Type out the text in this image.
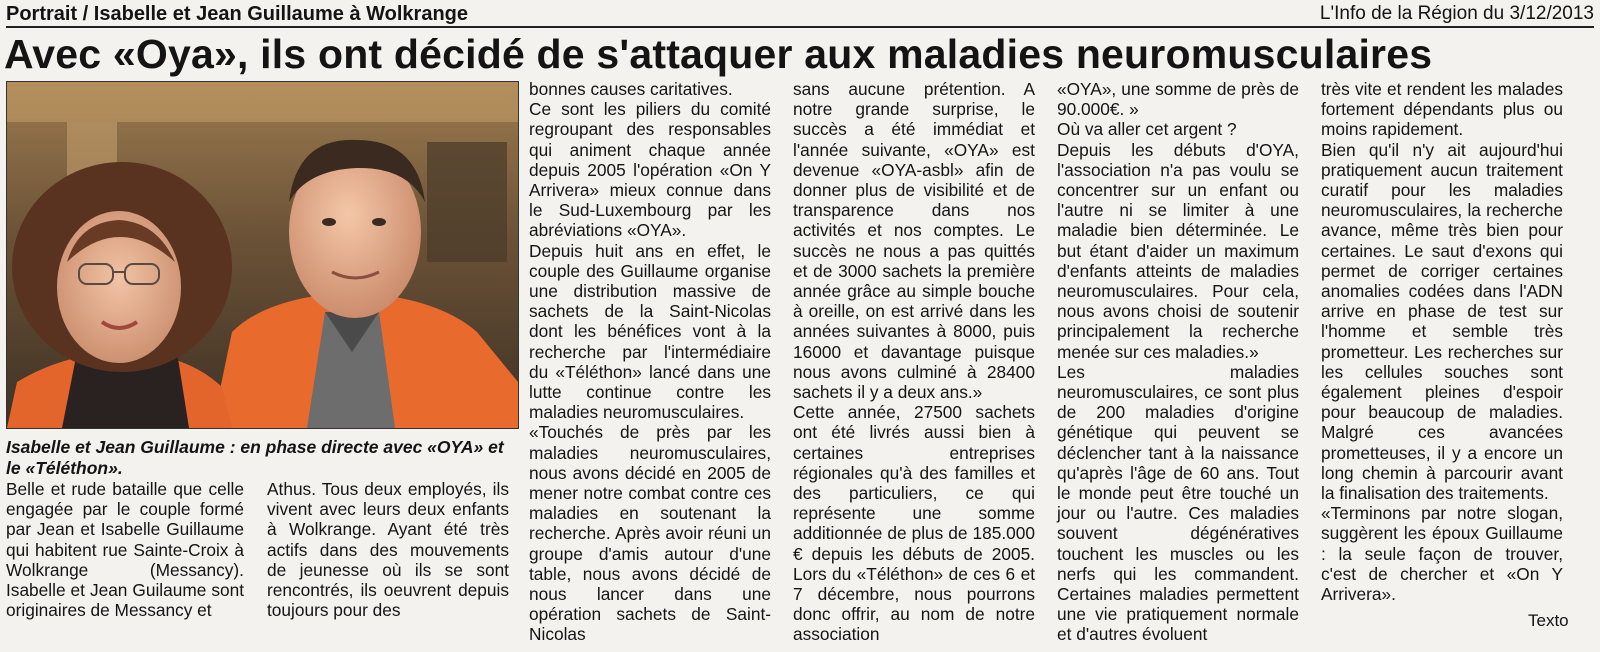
Portrait / Isabelle et Jean Guillaume à Wolkrange	L'Info de la Région du 3/12/2013
Avec «Oya», ils ont décidé de s'attaquer aux maladies neuromusculaires
Isabelle et Jean Guillaume : en phase directe avec «OYA» et le «Téléthon».

Belle et rude bataille que celle engagée par le couple formé par Jean et Isabelle Guillaume qui habitent rue Sainte-Croix à Wolkrange (Messancy). Isabelle et Jean Guilaume sont originaires de Messancy et

Athus. Tous deux employés, ils vivent avec leurs deux enfants à Wolkrange. Ayant été très actifs dans des mouvements de jeunesse où ils se sont rencontrés, ils oeuvrent depuis toujours pour des

bonnes causes caritatives.

Ce sont les piliers du comité regroupant des responsables qui animent chaque année depuis 2005 l'opération «On Y Arrivera» mieux connue dans le Sud-Luxembourg par les abréviations «OYA».

Depuis huit ans en effet, le couple des Guillaume organise une distribution massive de sachets de la Saint-Nicolas dont les bénéfices vont à la recherche par l'intermédiaire du «Téléthon» lancé dans une lutte continue contre les maladies neuromusculaires.

«Touchés de près par les maladies neuromusculaires, nous avons décidé en 2005 de mener notre combat contre ces maladies en soutenant la recherche. Après avoir réuni un groupe d'amis autour d'une table, nous avons décidé de nous lancer dans une opération sachets de Saint-Nicolas

sans aucune prétention. A notre grande surprise, le succès a été immédiat et l'année suivante, «OYA» est devenue «OYA-asbl» afin de donner plus de visibilité et de transparence dans nos activités et nos comptes. Le succès ne nous a pas quittés et de 3000 sachets la première année grâce au simple bouche à oreille, on est arrivé dans les années suivantes à 8000, puis 16000 et davantage puisque nous avons culminé à 28400 sachets il y a deux ans.»

Cette année, 27500 sachets ont été livrés aussi bien à certaines entreprises régionales qu'à des familles et des particuliers, ce qui représente une somme additionnée de plus de 185.000 € depuis les débuts de 2005. Lors du «Téléthon» de ces 6 et 7 décembre, nous pourrons donc offrir, au nom de notre association

«OYA», une somme de près de 90.000€. »

Où va aller cet argent ?

Depuis les débuts d'OYA, l'association n'a pas voulu se concentrer sur un enfant ou l'autre ni se limiter à une maladie bien déterminée. Le but étant d'aider un maximum d'enfants atteints de maladies neuromusculaires. Pour cela, nous avons choisi de soutenir principalement la recherche menée sur ces maladies.»

Les maladies neuromusculaires, ce sont plus de 200 maladies d'origine génétique qui peuvent se déclencher tant à la naissance qu'après l'âge de 60 ans. Tout le monde peut être touché un jour ou l'autre. Ces maladies souvent dégénératives touchent les muscles ou les nerfs qui les commandent. Certaines maladies permettent une vie pratiquement normale et d'autres évoluent

très vite et rendent les malades fortement dépendants plus ou moins rapidement.

Bien qu'il n'y ait aujourd'hui pratiquement aucun traitement curatif pour les maladies neuromusculaires, la recherche avance, même très bien pour certaines. Le saut d'exons qui permet de corriger certaines anomalies codées dans l'ADN arrive en phase de test sur l'homme et semble très prometteur. Les recherches sur les cellules souches sont également pleines d'espoir pour beaucoup de maladies. Malgré ces avancées prometteuses, il y a encore un long chemin à parcourir avant la finalisation des traitements.

«Terminons par notre slogan, suggèrent les époux Guillaume : la seule façon de trouver, c'est de chercher et «On Y Arrivera».

Texto
